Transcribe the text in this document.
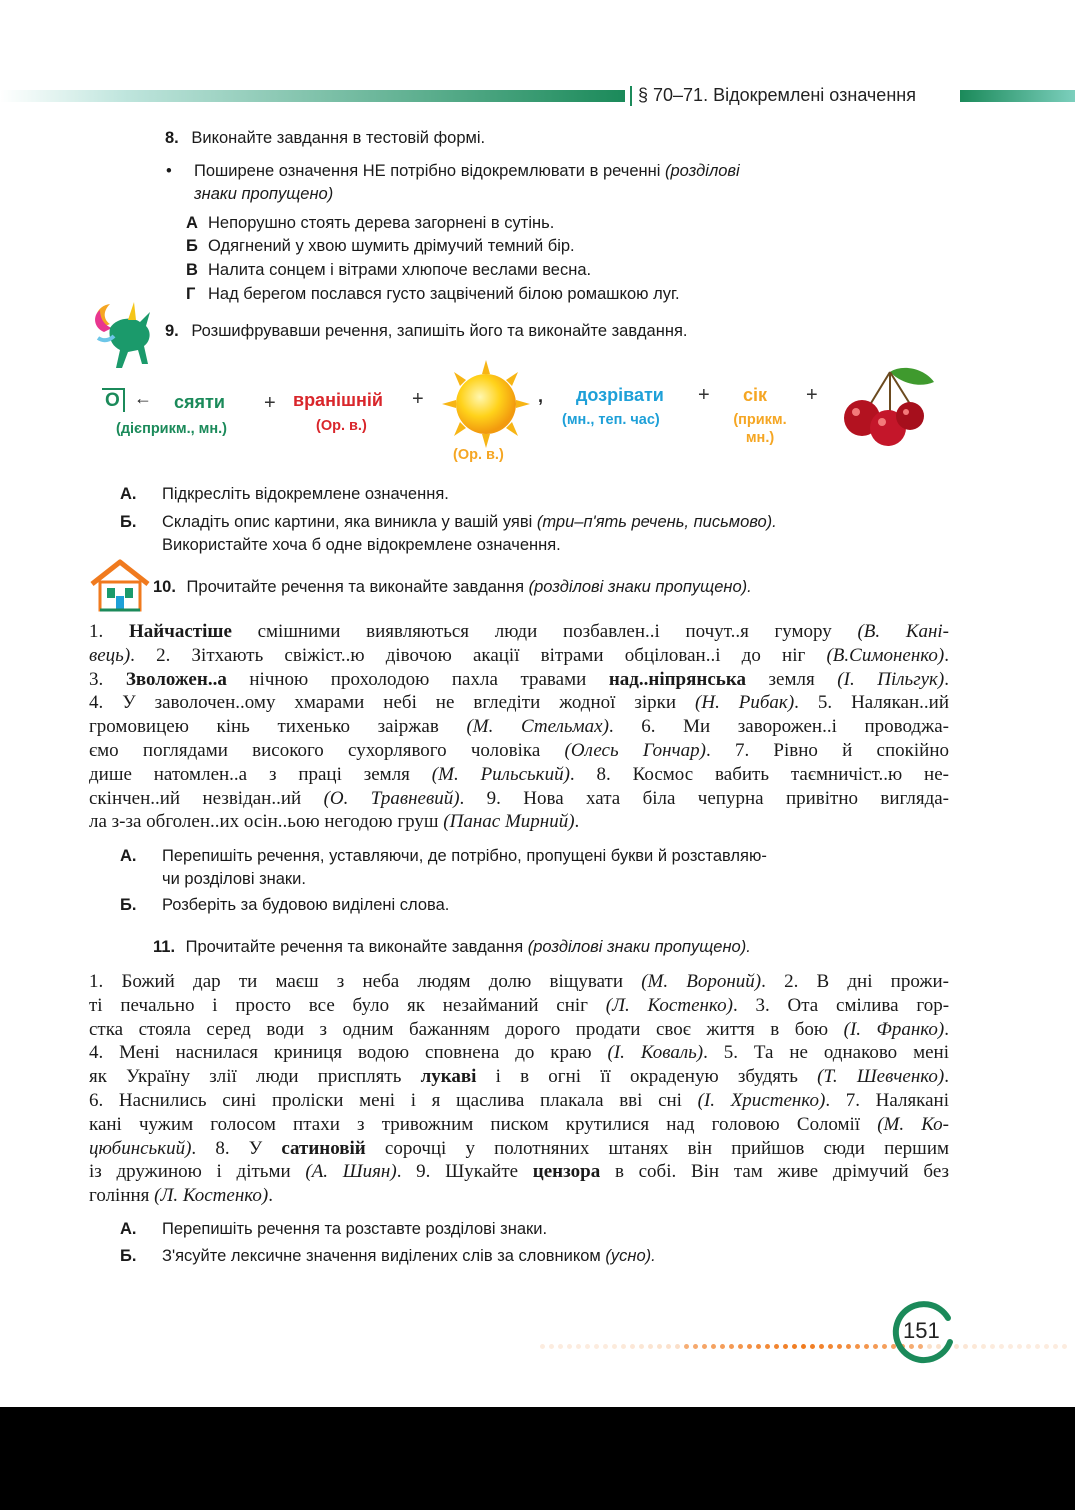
§ 70–71. Відокремлені означення
8. Виконайте завдання в тестовій формі.
• Поширене означення НЕ потрібно відокремлювати в реченні (розділові
знаки пропущено)
А Непорушно стоять дерева загорнені в сутінь.
Б Одягнений у хвою шумить дрімучий темний бір.
В Налита сонцем і вітрами хлюпоче веслами весна.
Г Над берегом послався густо зацвічений білою ромашкою луг.
9. Розшифрувавши речення, запишіть його та виконайте завдання.
О ← сяяти
(дієприкм., мн.)
+ вранішній
(Ор. в.)
+
(Ор. в.)
, дозрівати
(мн., теп. час)
+ сік
(прикм.
мн.)
+
А. Підкресліть відокремлене означення.
Б. Складіть опис картини, яка виникла у вашій уяві (три–п'ять речень, письмово).
Використайте хоча б одне відокремлене означення.
10. Прочитайте речення та виконайте завдання (розділові знаки пропущено).

1. Найчастіше смішними виявляються люди позбавлен..і почут..я гумору (В. Кані-

вець). 2. Зітхають свіжіст..ю дівочою акації вітрами обцілован..і до ніг (В.Симоненко).

3. Зволожен..а нічною прохолодою пахла травами над..ніпрянська земля (І. Пільгук).

4. У заволочен..ому хмарами небі не вгледіти жодної зірки (Н. Рибак). 5. Налякан..ий

громовицею кінь тихенько заіржав (М. Стельмах). 6. Ми заворожен..і проводжа-

ємо поглядами високого сухорлявого чоловіка (Олесь Гончар). 7. Рівно й спокійно

дише натомлен..а з праці земля (М. Рильський). 8. Космос вабить таємничіст..ю не-

скінчен..ий незвідан..ий (О. Травневий). 9. Нова хата біла чепурна привітно виглядa-

ла з-за обголен..их осін..ьою негодою груш (Панас Мирний).

А. Перепишіть речення, уставляючи, де потрібно, пропущені букви й розставляю-
чи розділові знаки.
Б. Розберіть за будовою виділені слова.
11. Прочитайте речення та виконайте завдання (розділові знаки пропущено).

1. Божий дар ти маєш з неба людям долю віщувати (М. Вороний). 2. В дні прожи-

ті печально і просто все було як незайманий сніг (Л. Костенко). 3. Ота смілива гор-

стка стояла серед води з одним бажанням дорого продати своє життя в бою (І. Франко).

4. Мені наснилася криниця водою сповнена до краю (І. Коваль). 5. Та не однаково мені

як Україну злії люди присплять лукаві і в огні її окраденую збудять (Т. Шевченко).

6. Наснились сині проліски мені і я щаслива плакала вві сні (І. Христенко). 7. Налякані

кані чужим голосом птахи з тривожним писком крутилися над головою Соломії (М. Ко-

цюбинський). 8. У сатиновій сорочці у полотняних штанях він прийшов сюди першим

із дружиною і дітьми (А. Шиян). 9. Шукайте цензора в собі. Він там живе дрімучий без

гоління (Л. Костенко).

А. Перепишіть речення та розставте розділові знаки.
Б. З'ясуйте лексичне значення виділених слів за словником (усно).
151
